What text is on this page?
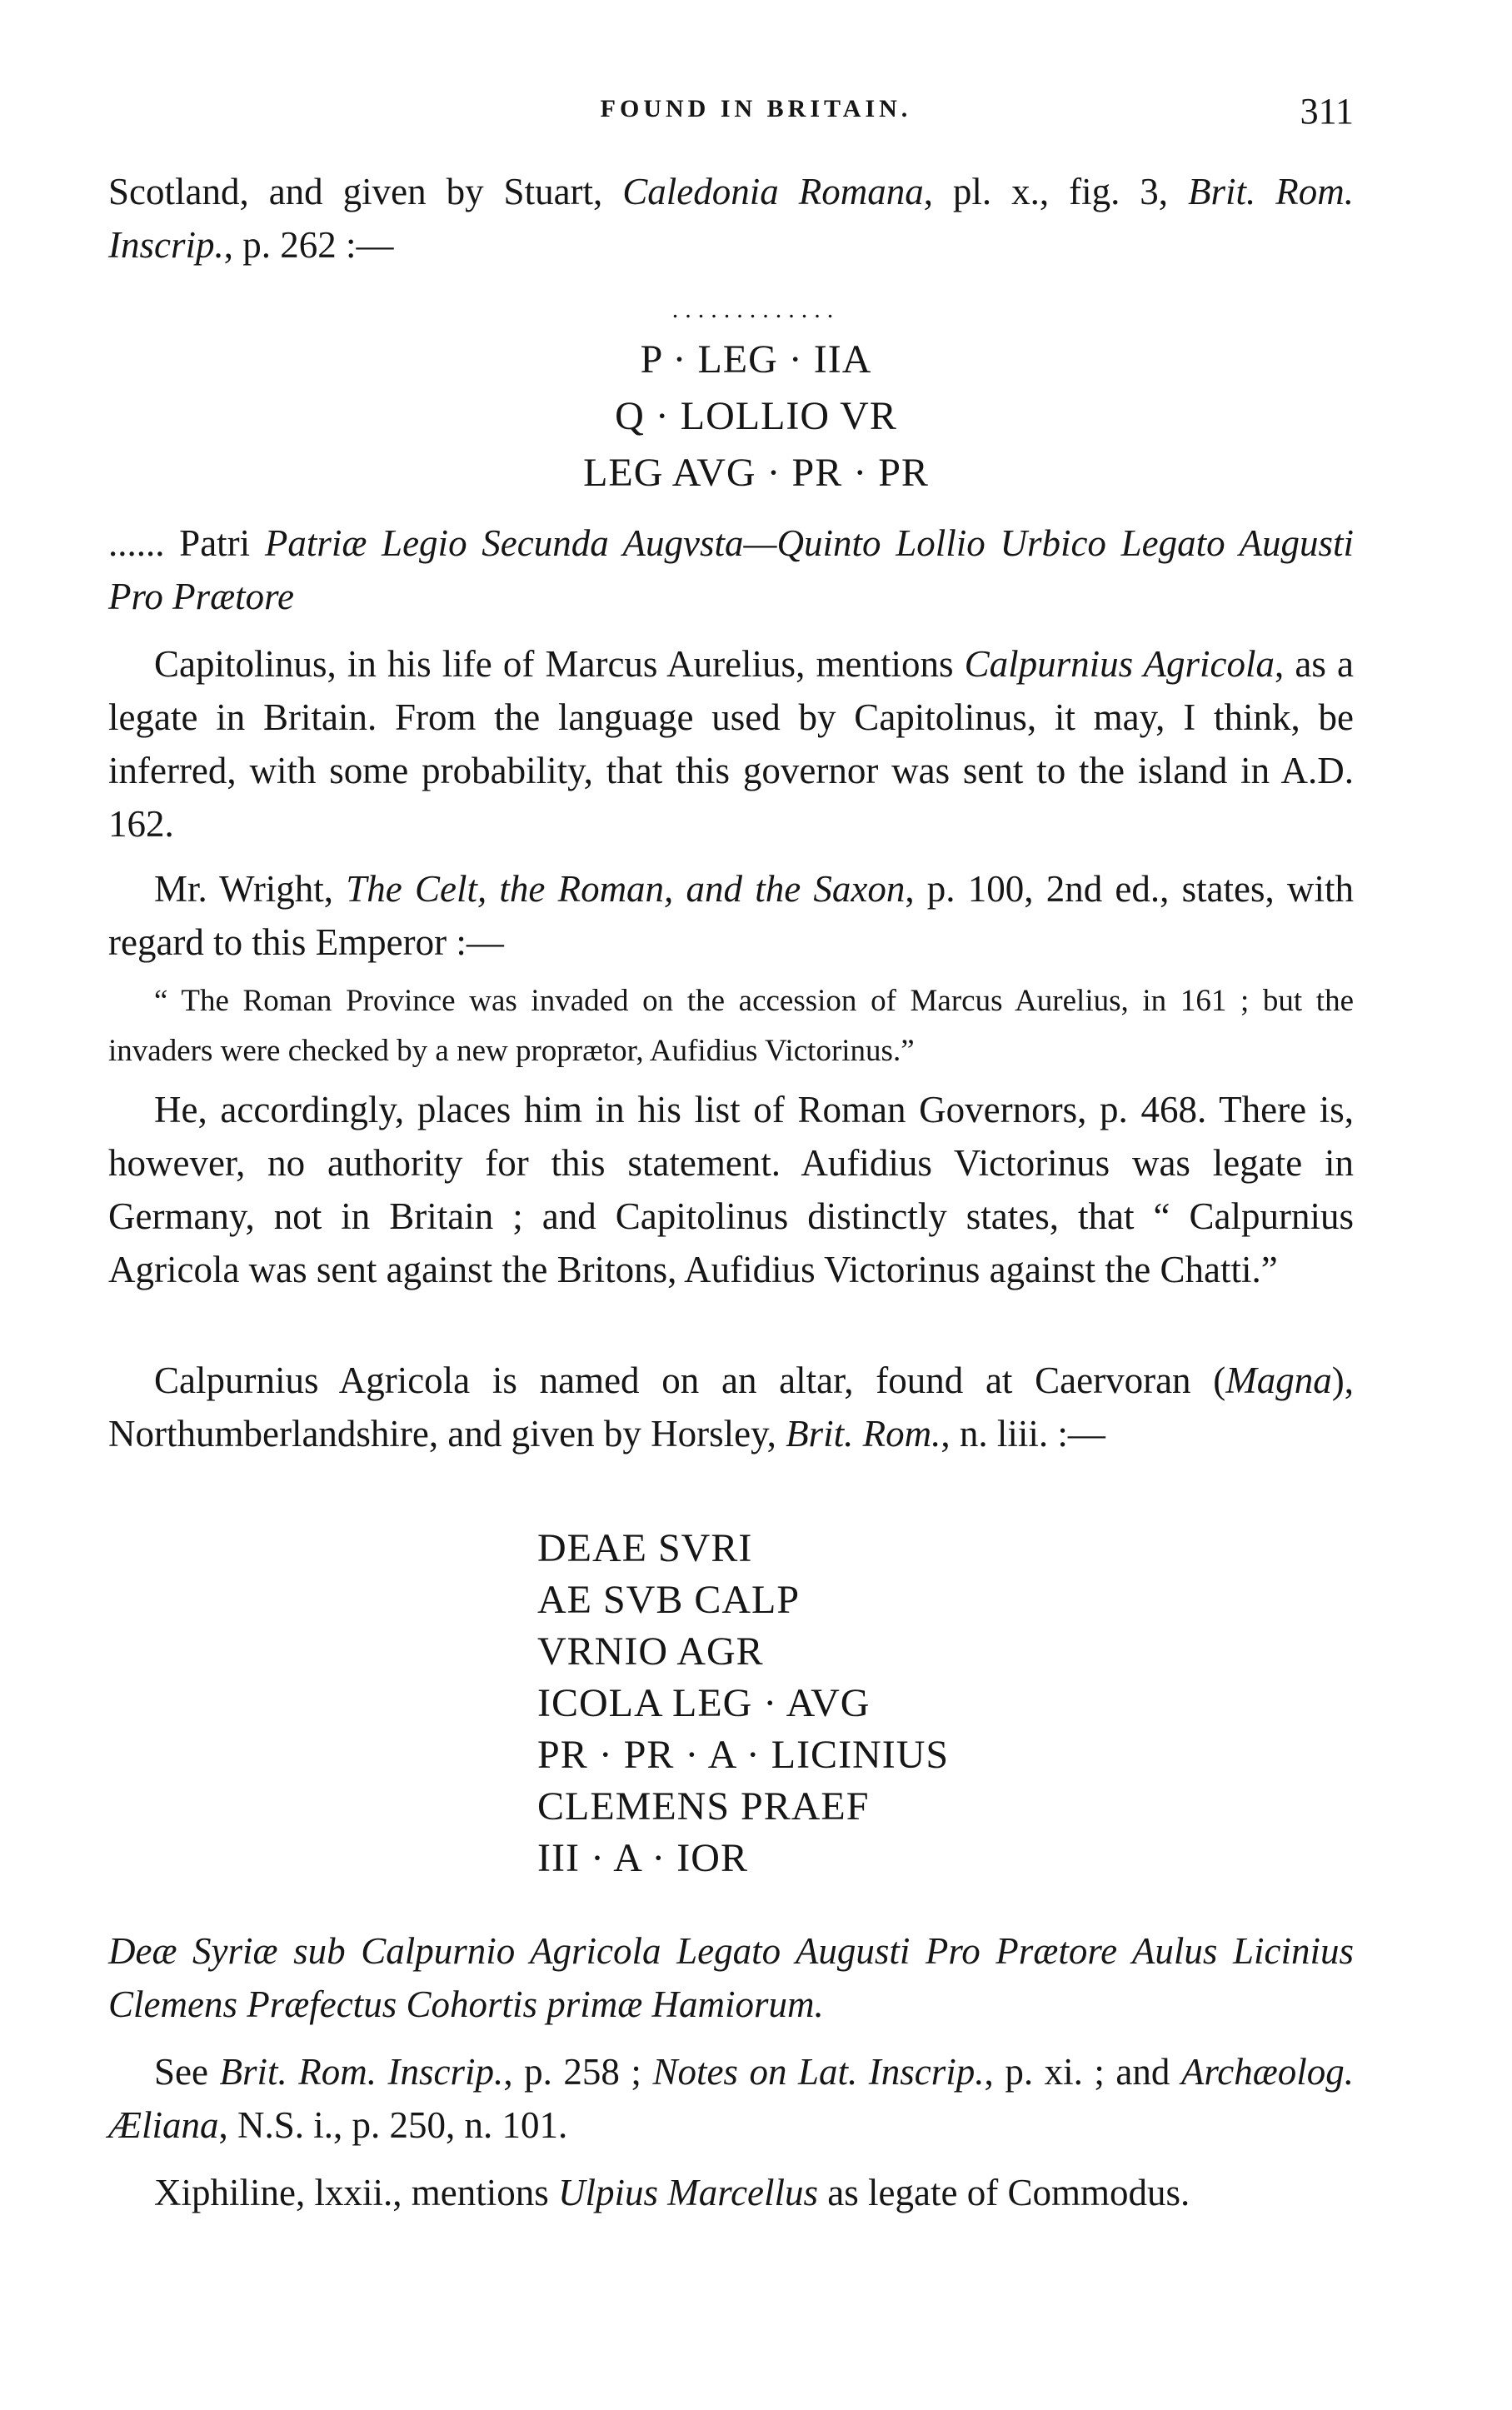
FOUND IN BRITAIN.	311
Scotland, and given by Stuart, Caledonia Romana, pl. x., fig. 3, Brit. Rom. Inscrip., p. 262 :—
.............
P · LEG · IIA
Q · LOLLIO VR
LEG AVG · PR · PR
...... Patri Patriæ Legio Secunda Augvsta—Quinto Lollio Urbico Legato Augusti Pro Prætore
Capitolinus, in his life of Marcus Aurelius, mentions Calpurnius Agricola, as a legate in Britain. From the language used by Capitolinus, it may, I think, be inferred, with some probability, that this governor was sent to the island in A.D. 162.
Mr. Wright, The Celt, the Roman, and the Saxon, p. 100, 2nd ed., states, with regard to this Emperor :—
“ The Roman Province was invaded on the accession of Marcus Aurelius, in 161 ; but the invaders were checked by a new proprætor, Aufidius Victorinus.”
He, accordingly, places him in his list of Roman Governors, p. 468. There is, however, no authority for this statement. Aufidius Victorinus was legate in Germany, not in Britain ; and Capitolinus distinctly states, that “ Calpurnius Agricola was sent against the Britons, Aufidius Victorinus against the Chatti.”
Calpurnius Agricola is named on an altar, found at Caervoran (Magna), Northumberlandshire, and given by Horsley, Brit. Rom., n. liii. :—
DEAE SVRI
AE SVB CALP
VRNIO AGR
ICOLA LEG · AVG
PR · PR · A · LICINIUS
CLEMENS PRAEF
III · A · IOR
Deæ Syriæ sub Calpurnio Agricola Legato Augusti Pro Prætore Aulus Licinius Clemens Præfectus Cohortis primæ Hamiorum.
See Brit. Rom. Inscrip., p. 258 ; Notes on Lat. Inscrip., p. xi. ; and Archæolog. Æliana, N.S. i., p. 250, n. 101.
Xiphiline, lxxii., mentions Ulpius Marcellus as legate of Commodus.
